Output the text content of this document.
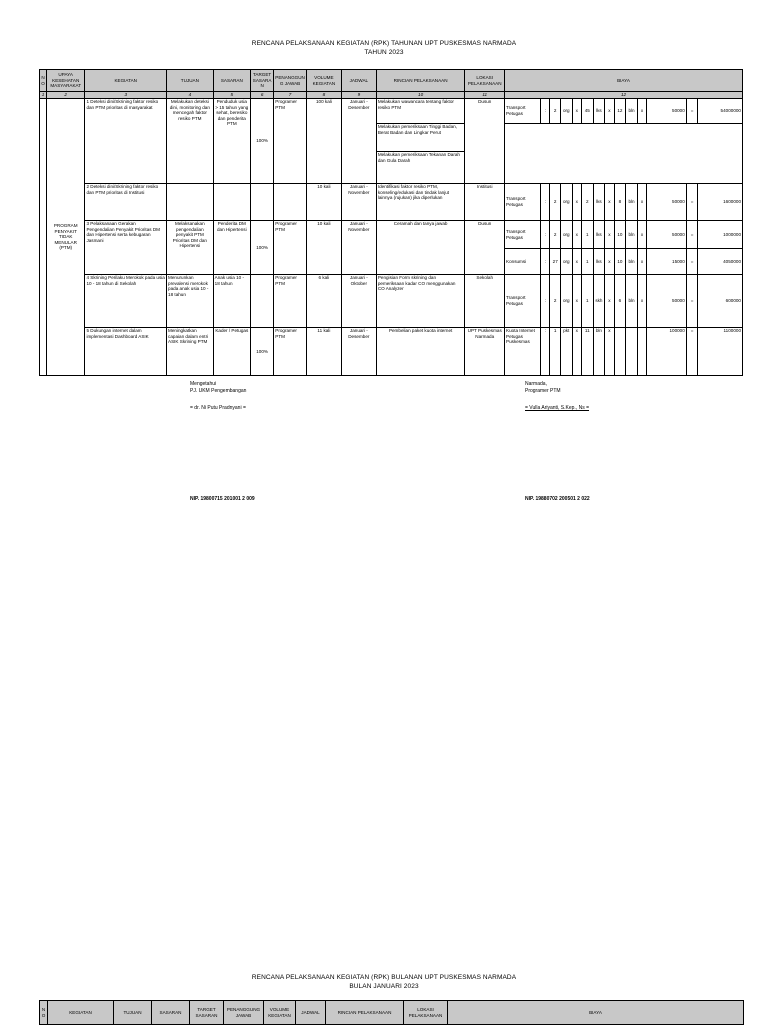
RENCANA PELAKSANAAN KEGIATAN (RPK) TAHUNAN UPT PUSKESMAS NARMADA
TAHUN 2023
NO	UPAYA KESEHATAN MASYARAKAT	KEGIATAN	TUJUAN	SASARAN	TARGET SASARAN	PENANGGUNG JAWAB	VOLUME KEGIATAN	JADWAL	RINCIAN PELAKSANAAN	LOKASI PELAKSANAAN	BIAYA													
1	2	3	4	5	6	7	8	9	10	11	12													
	PROGRAM PENYAKIT TIDAK MENULAR (PTM)	1 Deteksi dini/Skrining faktor resiko dan PTM prioritas di masyarakat	Melakukan deteksi dini, monitoring dan mencegah faktor resiko PTM	Penduduk usia > 15 tahun yang sehat, beresiko dan penderita PTM	100%	Programer PTM	100 kali	Januari - Desember	Melakukan wawancara tentang faktor resiko PTM	Dusun	Transport Petugas	:	2	org	x	45	lks	x	12	bln	x	50000	=	54000000
									Melakukan pemeriksaan Tinggi Badan, Berat Badan dan Lingkar Perut															
									Melakukan pemeriksaan Tekanan Darah dan Gula Darah															
		2 Deteksi dini/Skrining faktor resiko dan PTM prioritas di Institusi					10 kali	Januari - November	Identifikasi faktor resiko PTM, konseling/edukasi dan tindak lanjut lainnya (rujukan) jika diperlukan	Institusi	Transport Petugas	:	2	org	x	2	lks	x	8	bln	x	50000	=	1600000
		3 Pelaksanaan Gerakan Pengendalian Penyakit Prioritas DM dan Hipertensi serta kebugaran Jasmani	Melaksanakan pengendalian penyakit PTM Prioritas DM dan Hipertensi	Penderita DM dan Hipertensi	100%	Programer PTM	10 kali	Januari - November	Ceramah dan tanya jawab	Dusun	Transport Petugas	:	2	org	x	1	lks	x	10	bln	x	50000	=	1000000
											Konsumsi	:	27	org	x	1	lks	x	10	bln	x	15000	=	4050000
		4 Skrining Perilaku Merokok pada usia 10 - 18 tahun di Sekolah	Menurunkan prevalensi merokok pada anak usia 10 - 18 tahun	Anak usia 10 - 18 tahun		Programer PTM	6 kali	Januari - Oktober	Pengisian Form skrining dan pemeriksaan kadar CO menggunakan CO Analyzer	Sekolah	Transport Petugas	:	2	org	x	1	skh	x	6	bln	x	50000	=	600000
		5 Dukungan internet dalam implementasi Dashboard ASIK	Meningkatkan capaian dalam entri ASIK Skrining PTM	Kader / Petugas	100%	Programer PTM	11 kali	Januari - Desember	Pembelian paket kuota internet	UPT Puskesmas Narmada	Kuota Internet Petugas Puskesmas	:	1	pkt	x	11	bln	x				100000	=	1100000
Mengetahui
PJ. UKM Pengembangan
= dr. Ni Putu Pradnyani =
NIP. 19800715 201001 2 009
Narmada,
Programer PTM
= Vulla Ariyanti, S.Kep., Ns =
NIP. 19880702 200501 2 022
RENCANA PELAKSANAAN KEGIATAN (RPK) BULANAN UPT PUSKESMAS NARMADA
BULAN JANUARI 2023
NO	KEGIATAN	TUJUAN	SASARAN	TARGET SASARAN	PENANGGUNG JAWAB	VOLUME KEGIATAN	JADWAL	RINCIAN PELAKSANAAN	LOKASI PELAKSANAAN	BIAYA
